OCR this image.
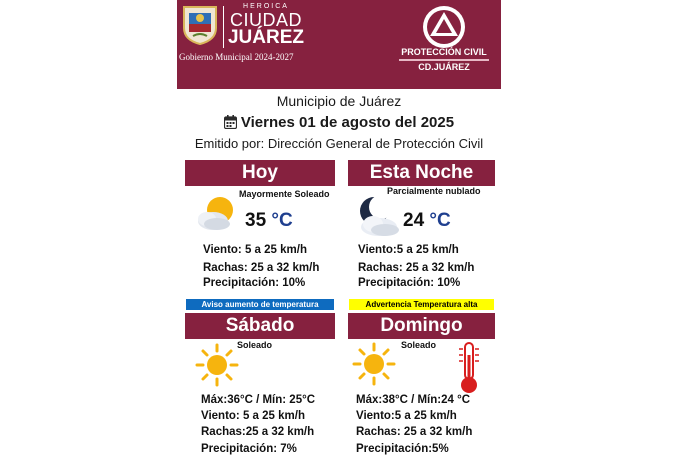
HEROICA
CIUDAD
JUÁREZ
Gobierno Municipal 2024-2027	PROTECCIÓN CIVIL
CD.JUÁREZ
Municipio de Juárez
Viernes 01 de agosto del 2025
Emitido por: Dirección General de Protección Civil
Hoy
Mayormente Soleado
35 °C
Viento: 5 a 25 km/h
Rachas: 25 a 32 km/h
Precipitación: 10%
Aviso aumento de temperatura
Esta Noche
Parcialmente nublado
24 °C
Viento:5 a 25 km/h
Rachas: 25 a 32 km/h
Precipitación: 10%
Advertencia Temperatura alta
Sábado
Soleado
Máx:36°C / Mín: 25°C
Viento: 5 a 25 km/h
Rachas:25 a 32 km/h
Precipitación: 7%
Domingo
Soleado
Máx:38°C / Mín:24 °C
Viento:5 a 25 km/h
Rachas: 25 a 32 km/h
Precipitación:5%
